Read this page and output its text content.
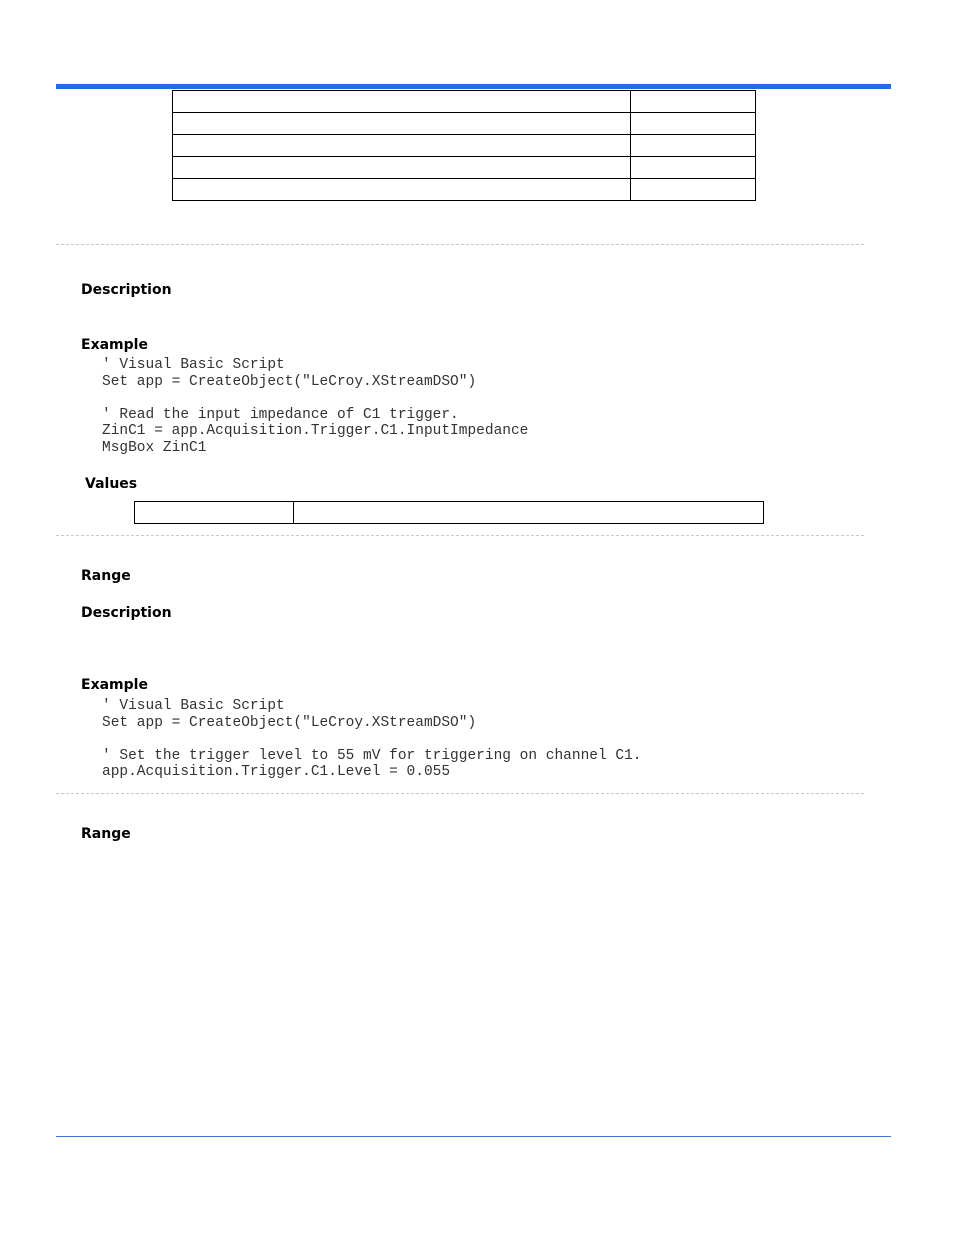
Description
Example
' Visual Basic Script
Set app = CreateObject("LeCroy.XStreamDSO")
' Read the input impedance of C1 trigger.
ZinC1 = app.Acquisition.Trigger.C1.InputImpedance
MsgBox ZinC1
Values

Range
Description
Example
' Visual Basic Script
Set app = CreateObject("LeCroy.XStreamDSO")
' Set the trigger level to 55 mV for triggering on channel C1.
app.Acquisition.Trigger.C1.Level = 0.055
Range
